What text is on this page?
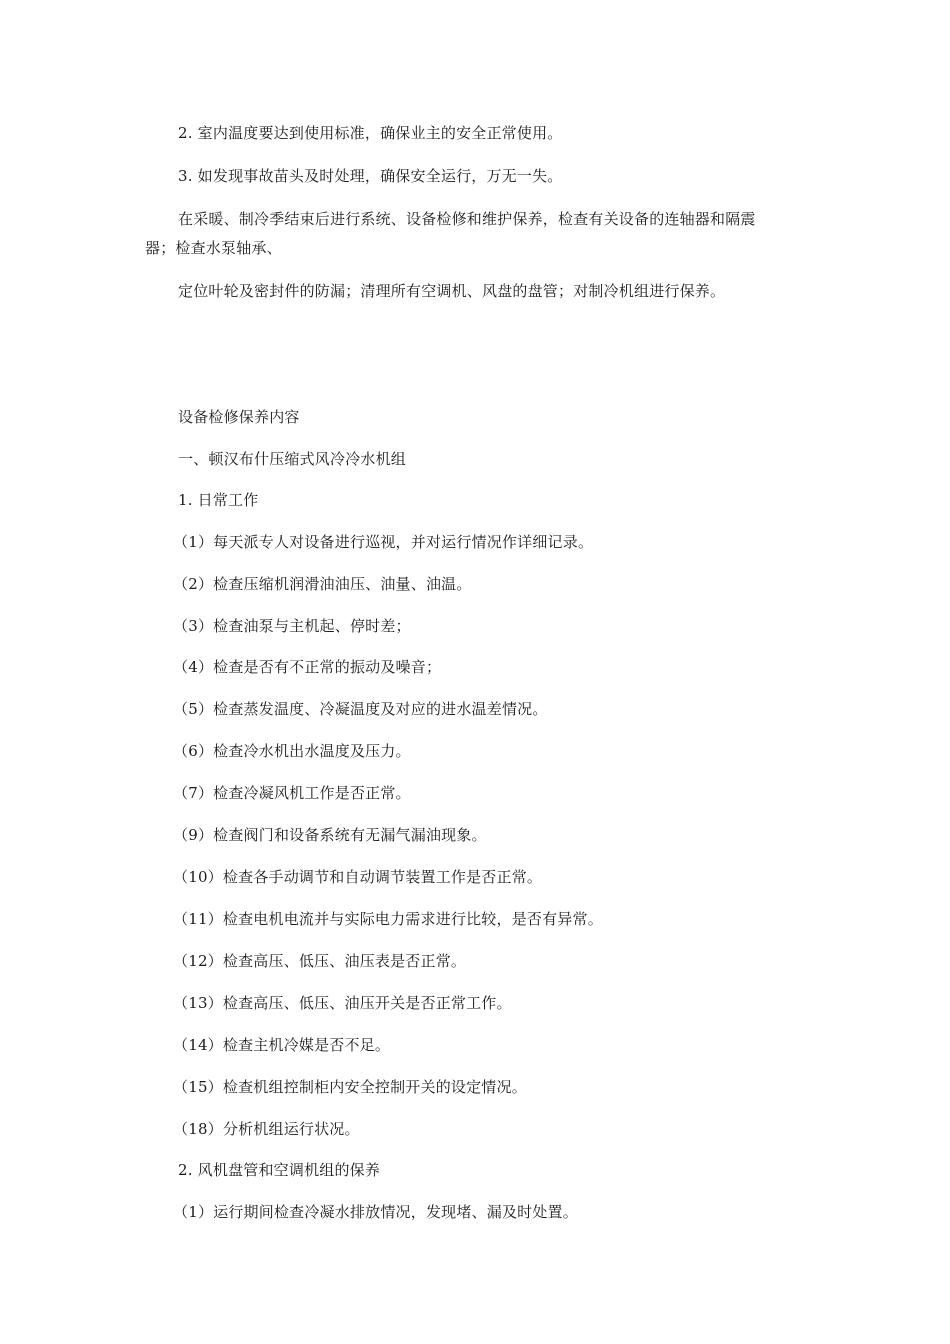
2. 室内温度要达到使用标准，确保业主的安全正常使用。
3. 如发现事故苗头及时处理，确保安全运行，万无一失。
在采暖、制冷季结束后进行系统、设备检修和维护保养，检查有关设备的连轴器和隔震
器；检查水泵轴承、
定位叶轮及密封件的防漏；清理所有空调机、风盘的盘管；对制冷机组进行保养。
设备检修保养内容
一、顿汉布什压缩式风冷冷水机组
1. 日常工作
（1）每天派专人对设备进行巡视，并对运行情况作详细记录。
（2）检查压缩机润滑油油压、油量、油温。
（3）检查油泵与主机起、停时差；
（4）检查是否有不正常的振动及噪音；
（5）检查蒸发温度、冷凝温度及对应的进水温差情况。
（6）检查冷水机出水温度及压力。
（7）检查冷凝风机工作是否正常。
（9）检查阀门和设备系统有无漏气漏油现象。
（10）检查各手动调节和自动调节装置工作是否正常。
（11）检查电机电流并与实际电力需求进行比较，是否有异常。
（12）检查高压、低压、油压表是否正常。
（13）检查高压、低压、油压开关是否正常工作。
（14）检查主机冷媒是否不足。
（15）检查机组控制柜内安全控制开关的设定情况。
（18）分析机组运行状况。
2. 风机盘管和空调机组的保养
（1）运行期间检查冷凝水排放情况，发现堵、漏及时处置。
